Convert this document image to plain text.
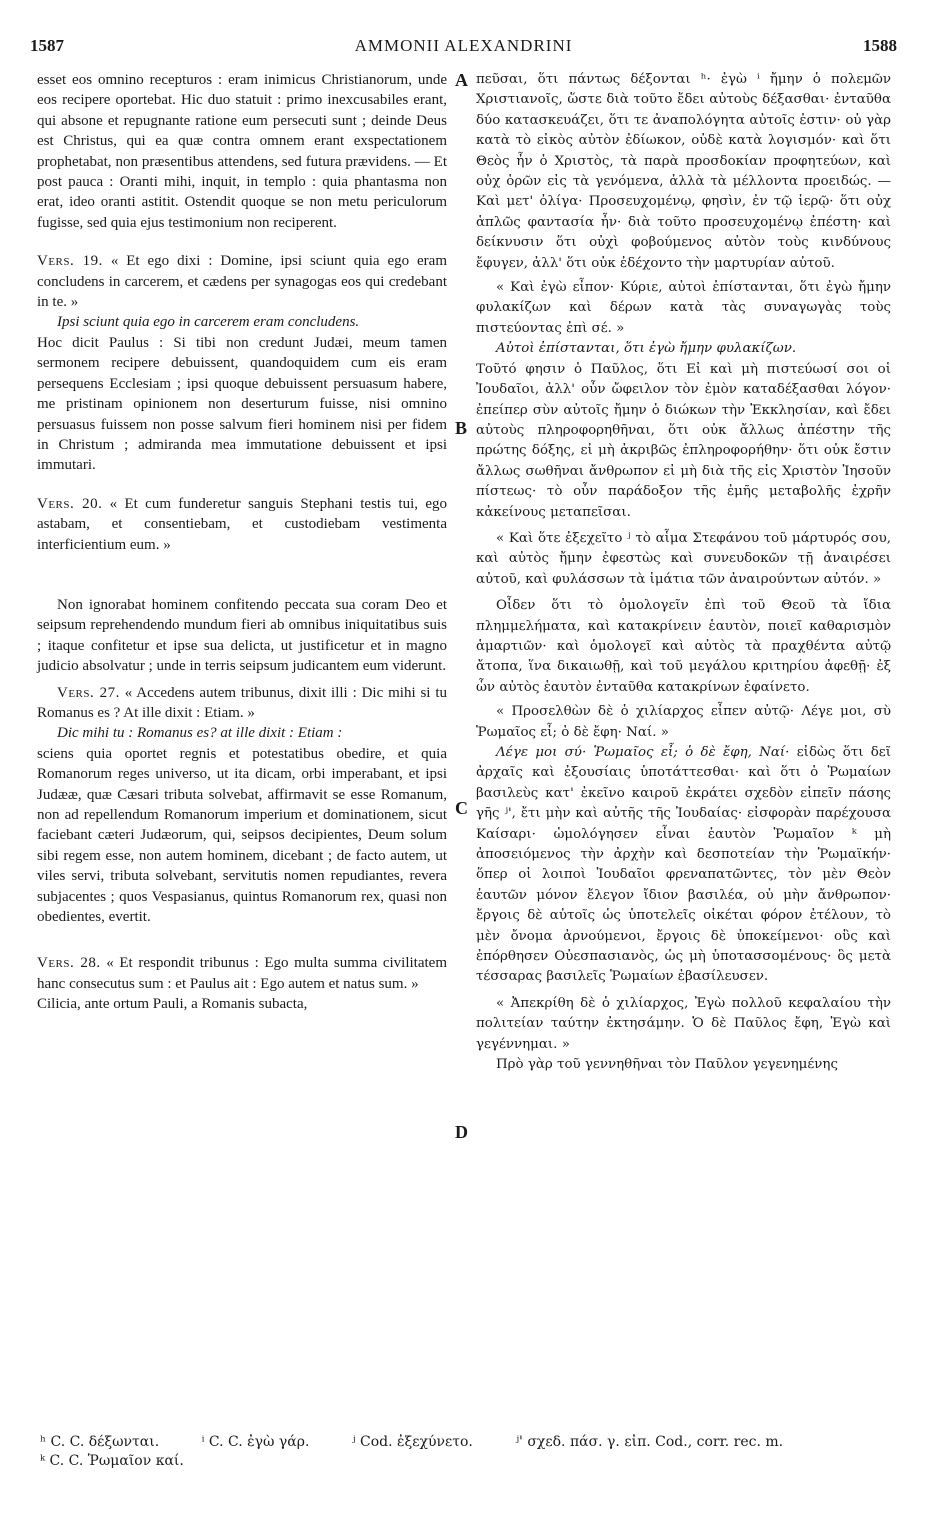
1587	AMMONII ALEXANDRINI	1588
A
B
C
D

esset eos omnino recepturos : eram inimicus Christianorum, unde eos recipere oportebat. Hic duo statuit : primo inexcusabiles erant, qui absone et repugnante ratione eum persecuti sunt ; deinde Deus est Christus, qui ea quæ contra omnem erant exspectationem prophetabat, non præsentibus attendens, sed futura prævidens. — Et post pauca : Oranti mihi, inquit, in templo : quia phantasma non erat, ideo oranti astitit. Ostendit quoque se non metu periculorum fugisse, sed quia ejus testimonium non reciperent.

Vers. 19. « Et ego dixi : Domine, ipsi sciunt quia ego eram concludens in carcerem, et cædens per synagogas eos qui credebant in te. »

Ipsi sciunt quia ego in carcerem eram concludens.

Hoc dicit Paulus : Si tibi non credunt Judæi, meum tamen sermonem recipere debuissent, quandoquidem cum eis eram persequens Ecclesiam ; ipsi quoque debuissent persuasum habere, me pristinam opinionem non deserturum fuisse, nisi omnino persuasus fuissem non posse salvum fieri hominem nisi per fidem in Christum ; admiranda mea immutatione debuissent et ipsi immutari.

Vers. 20. « Et cum funderetur sanguis Stephani testis tui, ego astabam, et consentiebam, et custodiebam vestimenta interficientium eum. »

Non ignorabat hominem confitendo peccata sua coram Deo et seipsum reprehendendo mundum fieri ab omnibus iniquitatibus suis ; itaque confitetur et ipse sua delicta, ut justificetur et in magno judicio absolvatur ; unde in terris seipsum judicantem eum viderunt.

Vers. 27. « Accedens autem tribunus, dixit illi : Dic mihi si tu Romanus es ? At ille dixit : Etiam. »

Dic mihi tu : Romanus es? at ille dixit : Etiam :

sciens quia oportet regnis et potestatibus obedire, et quia Romanorum reges universo, ut ita dicam, orbi imperabant, et ipsi Judææ, quæ Cæsari tributa solvebat, affirmavit se esse Romanum, non ad repellendum Romanorum imperium et dominationem, sicut faciebant cæteri Judæorum, qui, seipsos decipientes, Deum solum sibi regem esse, non autem hominem, dicebant ; de facto autem, ut viles servi, tributa solvebant, servitutis nomen repudiantes, revera subjacentes ; quos Vespasianus, quintus Romanorum rex, quasi non obedientes, evertit.

Vers. 28. « Et respondit tribunus : Ego multa summa civilitatem hanc consecutus sum : et Paulus ait : Ego autem et natus sum. »

Cilicia, ante ortum Pauli, a Romanis subacta,

πεῦσαι, ὅτι πάντως δέξονται ʰ· ἐγὼ ⁱ ἤμην ὁ πολεμῶν Χριστιανοῖς, ὥστε διὰ τοῦτο ἔδει αὐτοὺς δέξασθαι· ἐνταῦθα δύο κατασκευάζει, ὅτι τε ἀναπολόγητα αὐτοῖς ἐστιν· οὐ γὰρ κατὰ τὸ εἰκὸς αὐτὸν ἐδίωκον, οὐδὲ κατὰ λογισμόν· καὶ ὅτι Θεὸς ἦν ὁ Χριστὸς, τὰ παρὰ προσδοκίαν προφητεύων, καὶ οὐχ ὁρῶν εἰς τὰ γενόμενα, ἀλλὰ τὰ μέλλοντα προειδώς. — Καὶ μετ' ὀλίγα· Προσευχομένῳ, φησὶν, ἐν τῷ ἱερῷ· ὅτι οὐχ ἁπλῶς φαντασία ἦν· διὰ τοῦτο προσευχομένῳ ἐπέστη· καὶ δείκνυσιν ὅτι οὐχὶ φοβούμενος αὐτὸν τοὺς κινδύνους ἔφυγεν, ἀλλ' ὅτι οὐκ ἐδέχοντο τὴν μαρτυρίαν αὐτοῦ.

« Καὶ ἐγὼ εἶπον· Κύριε, αὐτοὶ ἐπίστανται, ὅτι ἐγὼ ἤμην φυλακίζων καὶ δέρων κατὰ τὰς συναγωγὰς τοὺς πιστεύοντας ἐπὶ σέ. »

Αὐτοὶ ἐπίστανται, ὅτι ἐγὼ ἤμην φυλακίζων.

Τοῦτό φησιν ὁ Παῦλος, ὅτι Εἰ καὶ μὴ πιστεύωσί σοι οἱ Ἰουδαῖοι, ἀλλ' οὖν ὤφειλον τὸν ἐμὸν καταδέξασθαι λόγον· ἐπείπερ σὺν αὐτοῖς ἤμην ὁ διώκων τὴν Ἐκκλησίαν, καὶ ἔδει αὐτοὺς πληροφορηθῆναι, ὅτι οὐκ ἄλλως ἀπέστην τῆς πρώτης δόξης, εἰ μὴ ἀκριβῶς ἐπληροφορήθην· ὅτι οὐκ ἔστιν ἄλλως σωθῆναι ἄνθρωπον εἰ μὴ διὰ τῆς εἰς Χριστὸν Ἰησοῦν πίστεως· τὸ οὖν παράδοξον τῆς ἐμῆς μεταβολῆς ἐχρῆν κἀκείνους μεταπεῖσαι.

« Καὶ ὅτε ἐξεχεῖτο ʲ τὸ αἷμα Στεφάνου τοῦ μάρτυρός σου, καὶ αὐτὸς ἤμην ἐφεστὼς καὶ συνευδοκῶν τῇ ἀναιρέσει αὐτοῦ, καὶ φυλάσσων τὰ ἱμάτια τῶν ἀναιρούντων αὐτόν. »

Οἶδεν ὅτι τὸ ὁμολογεῖν ἐπὶ τοῦ Θεοῦ τὰ ἴδια πλημμελήματα, καὶ κατακρίνειν ἑαυτὸν, ποιεῖ καθαρισμὸν ἁμαρτιῶν· καὶ ὁμολογεῖ καὶ αὐτὸς τὰ πραχθέντα αὐτῷ ἄτοπα, ἵνα δικαιωθῇ, καὶ τοῦ μεγάλου κριτηρίου ἀφεθῇ· ἐξ ὧν αὐτὸς ἑαυτὸν ἐνταῦθα κατακρίνων ἐφαίνετο.

« Προσελθὼν δὲ ὁ χιλίαρχος εἶπεν αὐτῷ· Λέγε μοι, σὺ Ῥωμαῖος εἶ; ὁ δὲ ἔφη· Ναί. »

Λέγε μοι σύ· Ῥωμαῖος εἶ; ὁ δὲ ἔφη, Ναί· εἰδὼς ὅτι δεῖ ἀρχαῖς καὶ ἐξουσίαις ὑποτάττεσθαι· καὶ ὅτι ὁ Ῥωμαίων βασιλεὺς κατ' ἐκεῖνο καιροῦ ἐκράτει σχεδὸν εἰπεῖν πάσης γῆς ʲ', ἔτι μὴν καὶ αὐτῆς τῆς Ἰουδαίας· εἰσφορὰν παρέχουσα Καίσαρι· ὡμολόγησεν εἶναι ἑαυτὸν Ῥωμαῖον ᵏ μὴ ἀποσειόμενος τὴν ἀρχὴν καὶ δεσποτείαν τὴν Ῥωμαϊκήν· ὅπερ οἱ λοιποὶ Ἰουδαῖοι φρεναπατῶντες, τὸν μὲν Θεὸν ἑαυτῶν μόνον ἔλεγον ἴδιον βασιλέα, οὐ μὴν ἄνθρωπον· ἔργοις δὲ αὐτοῖς ὡς ὑποτελεῖς οἰκέται φόρον ἐτέλουν, τὸ μὲν ὄνομα ἀρνούμενοι, ἔργοις δὲ ὑποκείμενοι· οὓς καὶ ἐπόρθησεν Οὐεσπασιανὸς, ὡς μὴ ὑποτασσομένους· ὃς μετὰ τέσσαρας βασιλεῖς Ῥωμαίων ἐβασίλευσεν.

« Ἀπεκρίθη δὲ ὁ χιλίαρχος, Ἐγὼ πολλοῦ κεφαλαίου τὴν πολιτείαν ταύτην ἐκτησάμην. Ὁ δὲ Παῦλος ἔφη, Ἐγὼ καὶ γεγέννημαι. »

Πρὸ γὰρ τοῦ γεννηθῆναι τὸν Παῦλον γεγενημένης

ʰ C. C. δέξωνται.	ⁱ C. C. ἐγὼ γάρ.	ʲ Cod. ἐξεχύνετο.	ʲ' σχεδ. πάσ. γ. εἰπ. Cod., corr. rec. m.
ᵏ C. C. Ῥωμαῖον καί.
